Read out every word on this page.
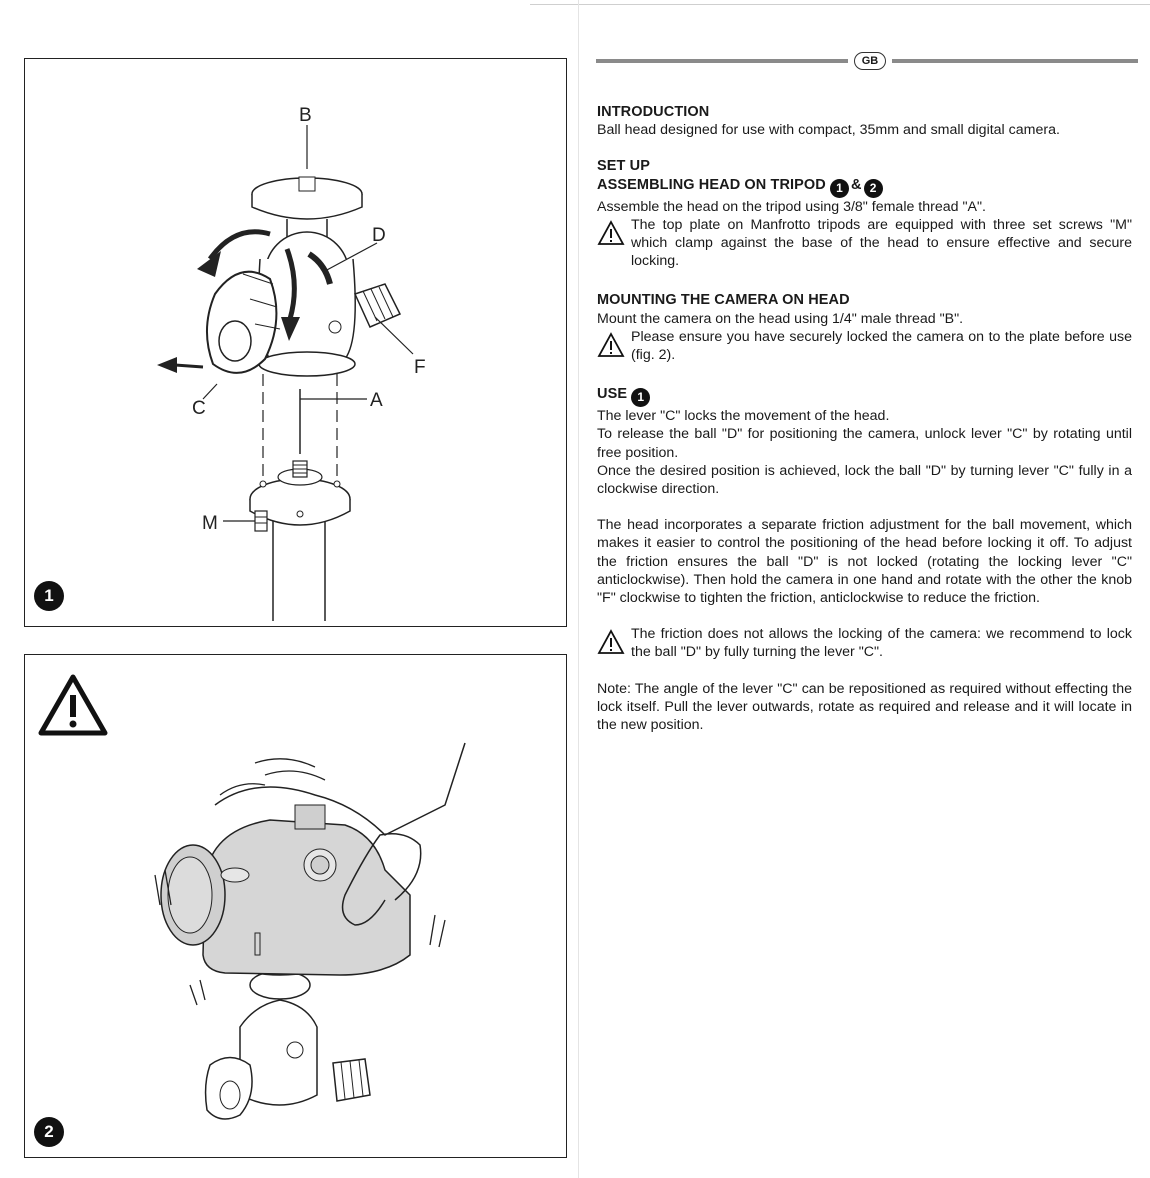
B
D
F
A
C
M
1
2
GB
INTRODUCTION

Ball head designed for use with compact, 35mm and small digital camera.

SET UP
ASSEMBLING HEAD ON TRIPOD 1 & 2

Assemble the head on the tripod using 3/8" female thread "A".

The top plate on Manfrotto tripods are equipped with three set screws "M" which clamp against the base of the head to ensure effective and secure locking.

MOUNTING THE CAMERA ON HEAD

Mount the camera on the head using 1/4" male thread "B".

Please ensure you have securely locked the camera on to the plate before use (fig. 2).

USE 1

The lever "C" locks the movement of the head.

To release the ball "D" for positioning the camera, unlock lever "C" by rotating until free position.

Once the desired position is achieved, lock the ball "D" by turning lever "C" fully in a clockwise direction.

The head incorporates a separate friction adjustment for the ball movement, which makes it easier to control the positioning of the head before locking it off. To adjust the friction ensures the ball "D" is not locked (rotating the locking lever "C" anticlockwise). Then hold the camera in one hand and rotate with the other the knob "F" clockwise to tighten the friction, anticlockwise to reduce the friction.

The friction does not allows the locking of the camera: we recommend to lock the ball "D" by fully turning the lever "C".

Note: The angle of the lever "C" can be repositioned as required without effecting the lock itself. Pull the lever outwards, rotate as required and release and it will locate in the new position.
